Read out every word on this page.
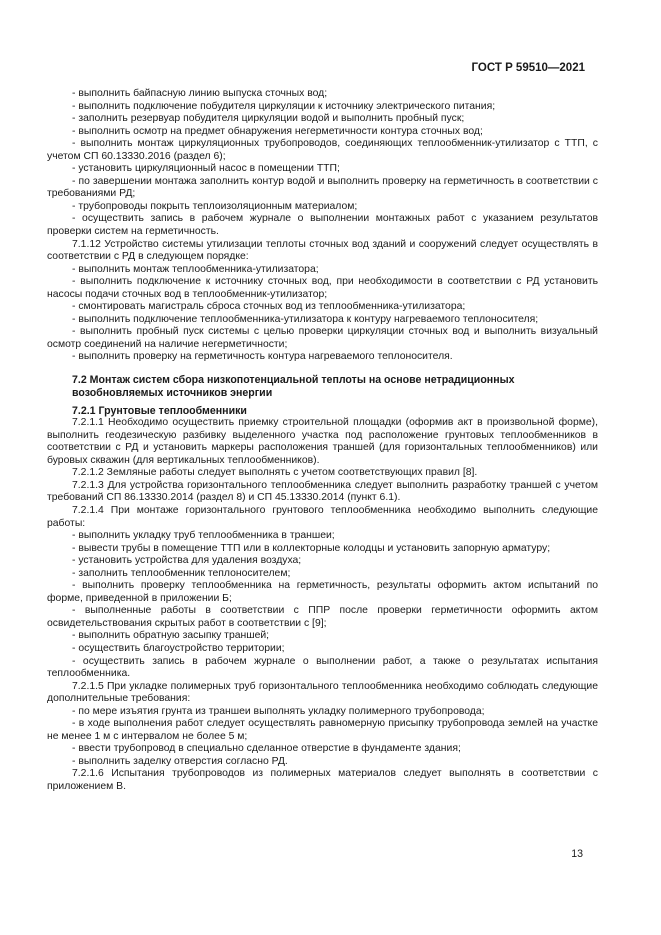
ГОСТ Р 59510—2021

- выполнить байпасную линию выпуска сточных вод;

- выполнить подключение побудителя циркуляции к источнику электрического питания;

- заполнить резервуар побудителя циркуляции водой и выполнить пробный пуск;

- выполнить осмотр на предмет обнаружения негерметичности контура сточных вод;

- выполнить монтаж циркуляционных трубопроводов, соединяющих теплообменник-утилизатор с ТТП, с учетом СП 60.13330.2016 (раздел 6);

- установить циркуляционный насос в помещении ТТП;

- по завершении монтажа заполнить контур водой и выполнить проверку на герметичность в соответствии с требованиями РД;

- трубопроводы покрыть теплоизоляционным материалом;

- осуществить запись в рабочем журнале о выполнении монтажных работ с указанием результатов проверки систем на герметичность.

7.1.12 Устройство системы утилизации теплоты сточных вод зданий и сооружений следует осуществлять в соответствии с РД в следующем порядке:

- выполнить монтаж теплообменника-утилизатора;

- выполнить подключение к источнику сточных вод, при необходимости в соответствии с РД установить насосы подачи сточных вод в теплообменник-утилизатор;

- смонтировать магистраль сброса сточных вод из теплообменника-утилизатора;

- выполнить подключение теплообменника-утилизатора к контуру нагреваемого теплоносителя;

- выполнить пробный пуск системы с целью проверки циркуляции сточных вод и выполнить визуальный осмотр соединений на наличие негерметичности;

- выполнить проверку на герметичность контура нагреваемого теплоносителя.

7.2 Монтаж систем сбора низкопотенциальной теплоты на основе нетрадиционных возобновляемых источников энергии

7.2.1 Грунтовые теплообменники

7.2.1.1 Необходимо осуществить приемку строительной площадки (оформив акт в произвольной форме), выполнить геодезическую разбивку выделенного участка под расположение грунтовых теплообменников в соответствии с РД и установить маркеры расположения траншей (для горизонтальных теплообменников) или буровых скважин (для вертикальных теплообменников).

7.2.1.2 Земляные работы следует выполнять с учетом соответствующих правил [8].

7.2.1.3 Для устройства горизонтального теплообменника следует выполнить разработку траншей с учетом требований СП 86.13330.2014 (раздел 8) и СП 45.13330.2014 (пункт 6.1).

7.2.1.4 При монтаже горизонтального грунтового теплообменника необходимо выполнить следующие работы:

- выполнить укладку труб теплообменника в траншеи;

- вывести трубы в помещение ТТП или в коллекторные колодцы и установить запорную арматуру;

- установить устройства для удаления воздуха;

- заполнить теплообменник теплоносителем;

- выполнить проверку теплообменника на герметичность, результаты оформить актом испытаний по форме, приведенной в приложении Б;

- выполненные работы в соответствии с ППР после проверки герметичности оформить актом освидетельствования скрытых работ в соответствии с [9];

- выполнить обратную засыпку траншей;

- осуществить благоустройство территории;

- осуществить запись в рабочем журнале о выполнении работ, а также о результатах испытания теплообменника.

7.2.1.5 При укладке полимерных труб горизонтального теплообменника необходимо соблюдать следующие дополнительные требования:

- по мере изъятия грунта из траншеи выполнять укладку полимерного трубопровода;

- в ходе выполнения работ следует осуществлять равномерную присыпку трубопровода землей на участке не менее 1 м с интервалом не более 5 м;

- ввести трубопровод в специально сделанное отверстие в фундаменте здания;

- выполнить заделку отверстия согласно РД.

7.2.1.6 Испытания трубопроводов из полимерных материалов следует выполнять в соответствии с приложением В.

13
